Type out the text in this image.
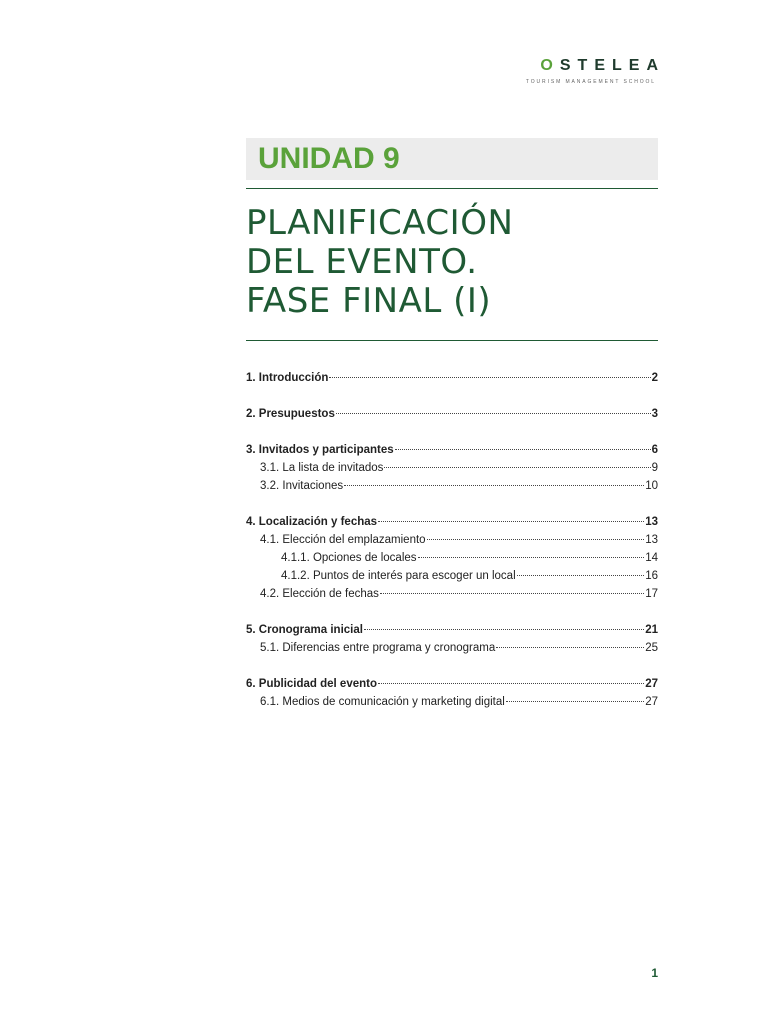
OSTELEA
TOURISM MANAGEMENT SCHOOL
UNIDAD 9
PLANIFICACIÓN
DEL EVENTO.
FASE FINAL (I)
1. Introducción	2
2. Presupuestos	3
3. Invitados y participantes	6
3.1. La lista de invitados	9
3.2. Invitaciones	10
4. Localización y fechas	13
4.1. Elección del emplazamiento	13
4.1.1. Opciones de locales	14
4.1.2. Puntos de interés para escoger un local	16
4.2. Elección de fechas	17
5. Cronograma inicial	21
5.1. Diferencias entre programa y cronograma	25
6. Publicidad del evento	27
6.1. Medios de comunicación y marketing digital	27
1
